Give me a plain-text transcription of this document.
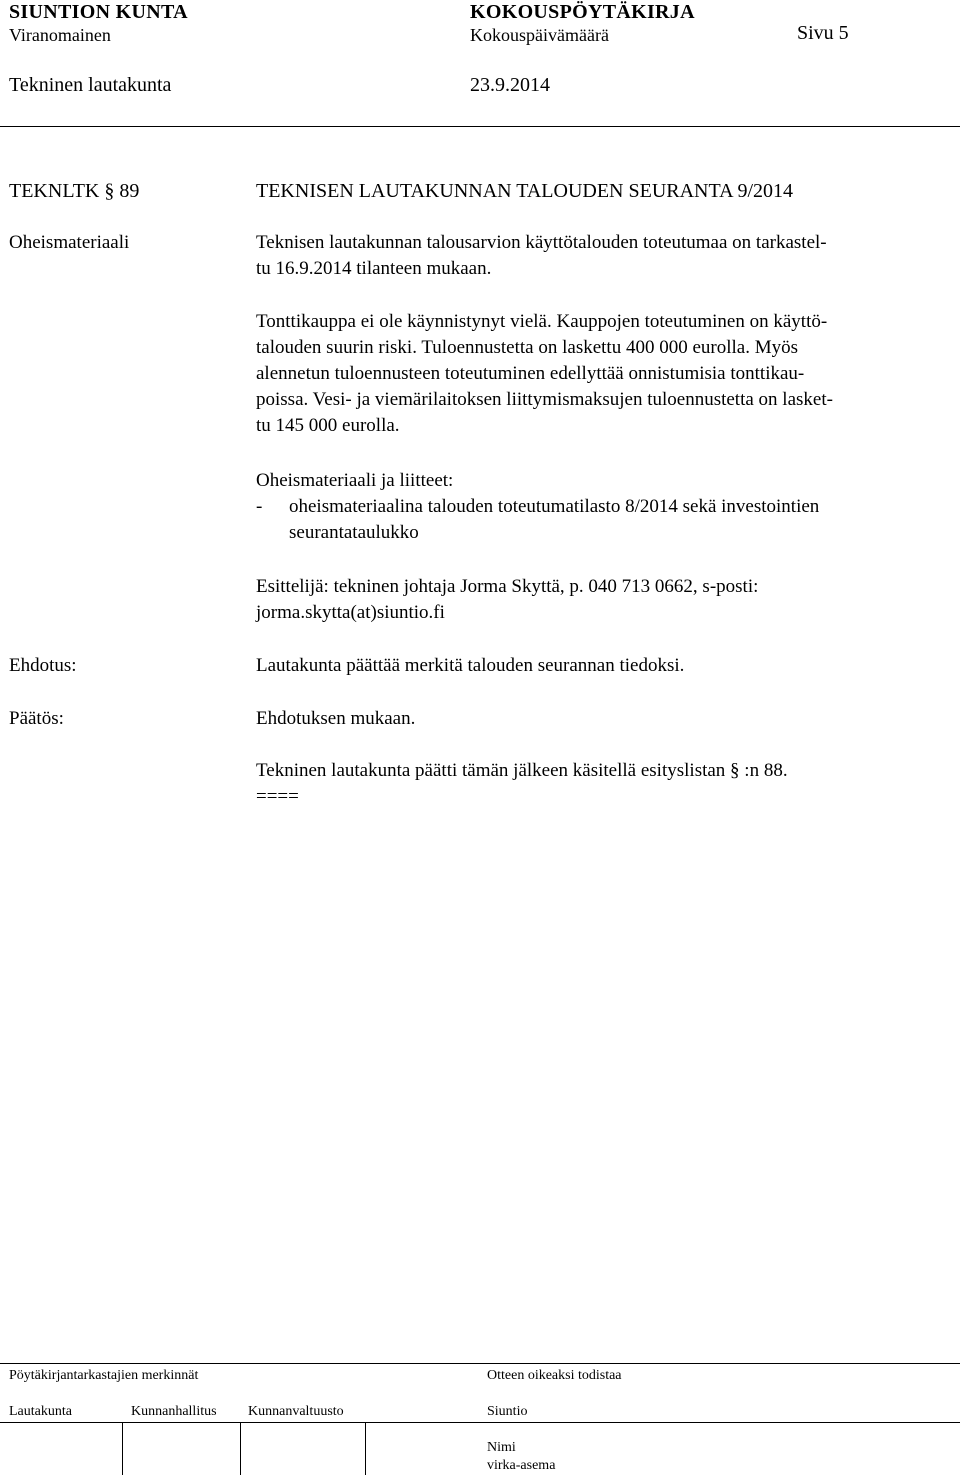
SIUNTION KUNTA	KOKOUSPÖYTÄKIRJA
Viranomainen	Kokouspäivämäärä	Sivu 5
Tekninen lautakunta	23.9.2014
TEKNLTK § 89	TEKNISEN LAUTAKUNNAN TALOUDEN SEURANTA 9/2014
Oheismateriaali	Teknisen lautakunnan talousarvion käyttötalouden toteutumaa on tarkastel-
tu 16.9.2014 tilanteen mukaan.
Tonttikauppa ei ole käynnistynyt vielä. Kauppojen toteutuminen on käyttö-
talouden suurin riski. Tuloennustetta on laskettu 400 000 eurolla. Myös
alennetun tuloennusteen toteutuminen edellyttää onnistumisia tonttikau-
poissa. Vesi- ja viemärilaitoksen liittymismaksujen tuloennustetta on lasket-
tu 145 000 eurolla.
Oheismateriaali ja liitteet:
- oheismateriaalina talouden toteutumatilasto 8/2014 sekä investointien
seurantataulukko
Esittelijä: tekninen johtaja Jorma Skyttä, p. 040 713 0662, s-posti:
jorma.skytta(at)siuntio.fi
Ehdotus:	Lautakunta päättää merkitä talouden seurannan tiedoksi.
Päätös:	Ehdotuksen mukaan.
Tekninen lautakunta päätti tämän jälkeen käsitellä esityslistan § :n 88.
====
Pöytäkirjantarkastajien merkinnät	Otteen oikeaksi todistaa
Lautakunta	Kunnanhallitus Kunnanvaltuusto	Siuntio
Nimi
virka-asema
